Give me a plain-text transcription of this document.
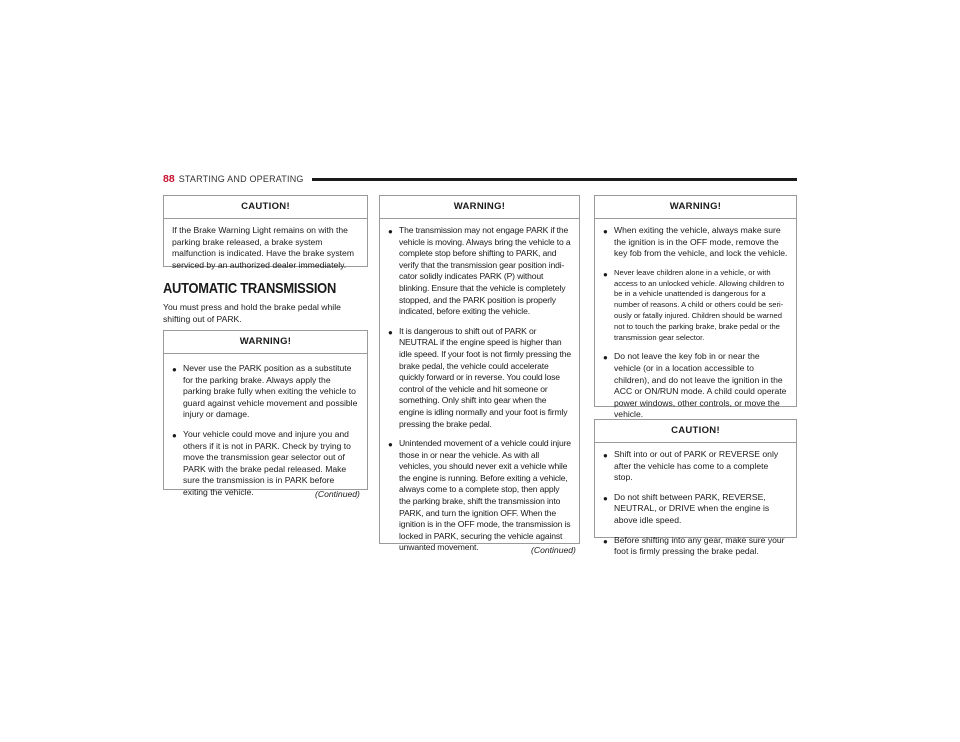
88 STARTING AND OPERATING
CAUTION!

If the Brake Warning Light remains on with the parking brake released, a brake system malfunction is indicated. Have the brake system serviced by an authorized dealer immediately.

AUTOMATIC TRANSMISSION
You must press and hold the brake pedal while shifting out of PARK.
WARNING!
● Never use the PARK position as a substitute for the parking brake. Always apply the parking brake fully when exiting the vehicle to guard against vehicle movement and possible injury or damage.
● Your vehicle could move and injure you and others if it is not in PARK. Check by trying to move the transmission gear selector out of PARK with the brake pedal released. Make sure the transmission is in PARK before exiting the vehicle.	(Continued)
WARNING!
● The transmission may not engage PARK if the vehicle is moving. Always bring the vehicle to a complete stop before shifting to PARK, and verify that the transmission gear position indi- cator solidly indicates PARK (P) without blinking. Ensure that the vehicle is completely stopped, and the PARK position is properly indicated, before exiting the vehicle.
● It is dangerous to shift out of PARK or NEUTRAL if the engine speed is higher than idle speed. If your foot is not firmly pressing the brake pedal, the vehicle could accelerate quickly forward or in reverse. You could lose control of the vehicle and hit someone or something. Only shift into gear when the engine is idling normally and your foot is firmly pressing the brake pedal.
● Unintended movement of a vehicle could injure those in or near the vehicle. As with all vehicles, you should never exit a vehicle while the engine is running. Before exiting a vehicle, always come to a complete stop, then apply the parking brake, shift the transmission into PARK, and turn the ignition OFF. When the ignition is in the OFF mode, the transmission is locked in PARK, securing the vehicle against unwanted movement.	(Continued)
WARNING!
● When exiting the vehicle, always make sure the ignition is in the OFF mode, remove the key fob from the vehicle, and lock the vehicle.
● Never leave children alone in a vehicle, or with access to an unlocked vehicle. Allowing children to be in a vehicle unattended is dangerous for a number of reasons. A child or others could be seri- ously or fatally injured. Children should be warned not to touch the parking brake, brake pedal or the transmission gear selector.
● Do not leave the key fob in or near the vehicle (or in a location accessible to children), and do not leave the ignition in the ACC or ON/RUN mode. A child could operate power windows, other controls, or move the vehicle.
CAUTION!
● Shift into or out of PARK or REVERSE only after the vehicle has come to a complete stop.
● Do not shift between PARK, REVERSE, NEUTRAL, or DRIVE when the engine is above idle speed.
● Before shifting into any gear, make sure your foot is firmly pressing the brake pedal.
